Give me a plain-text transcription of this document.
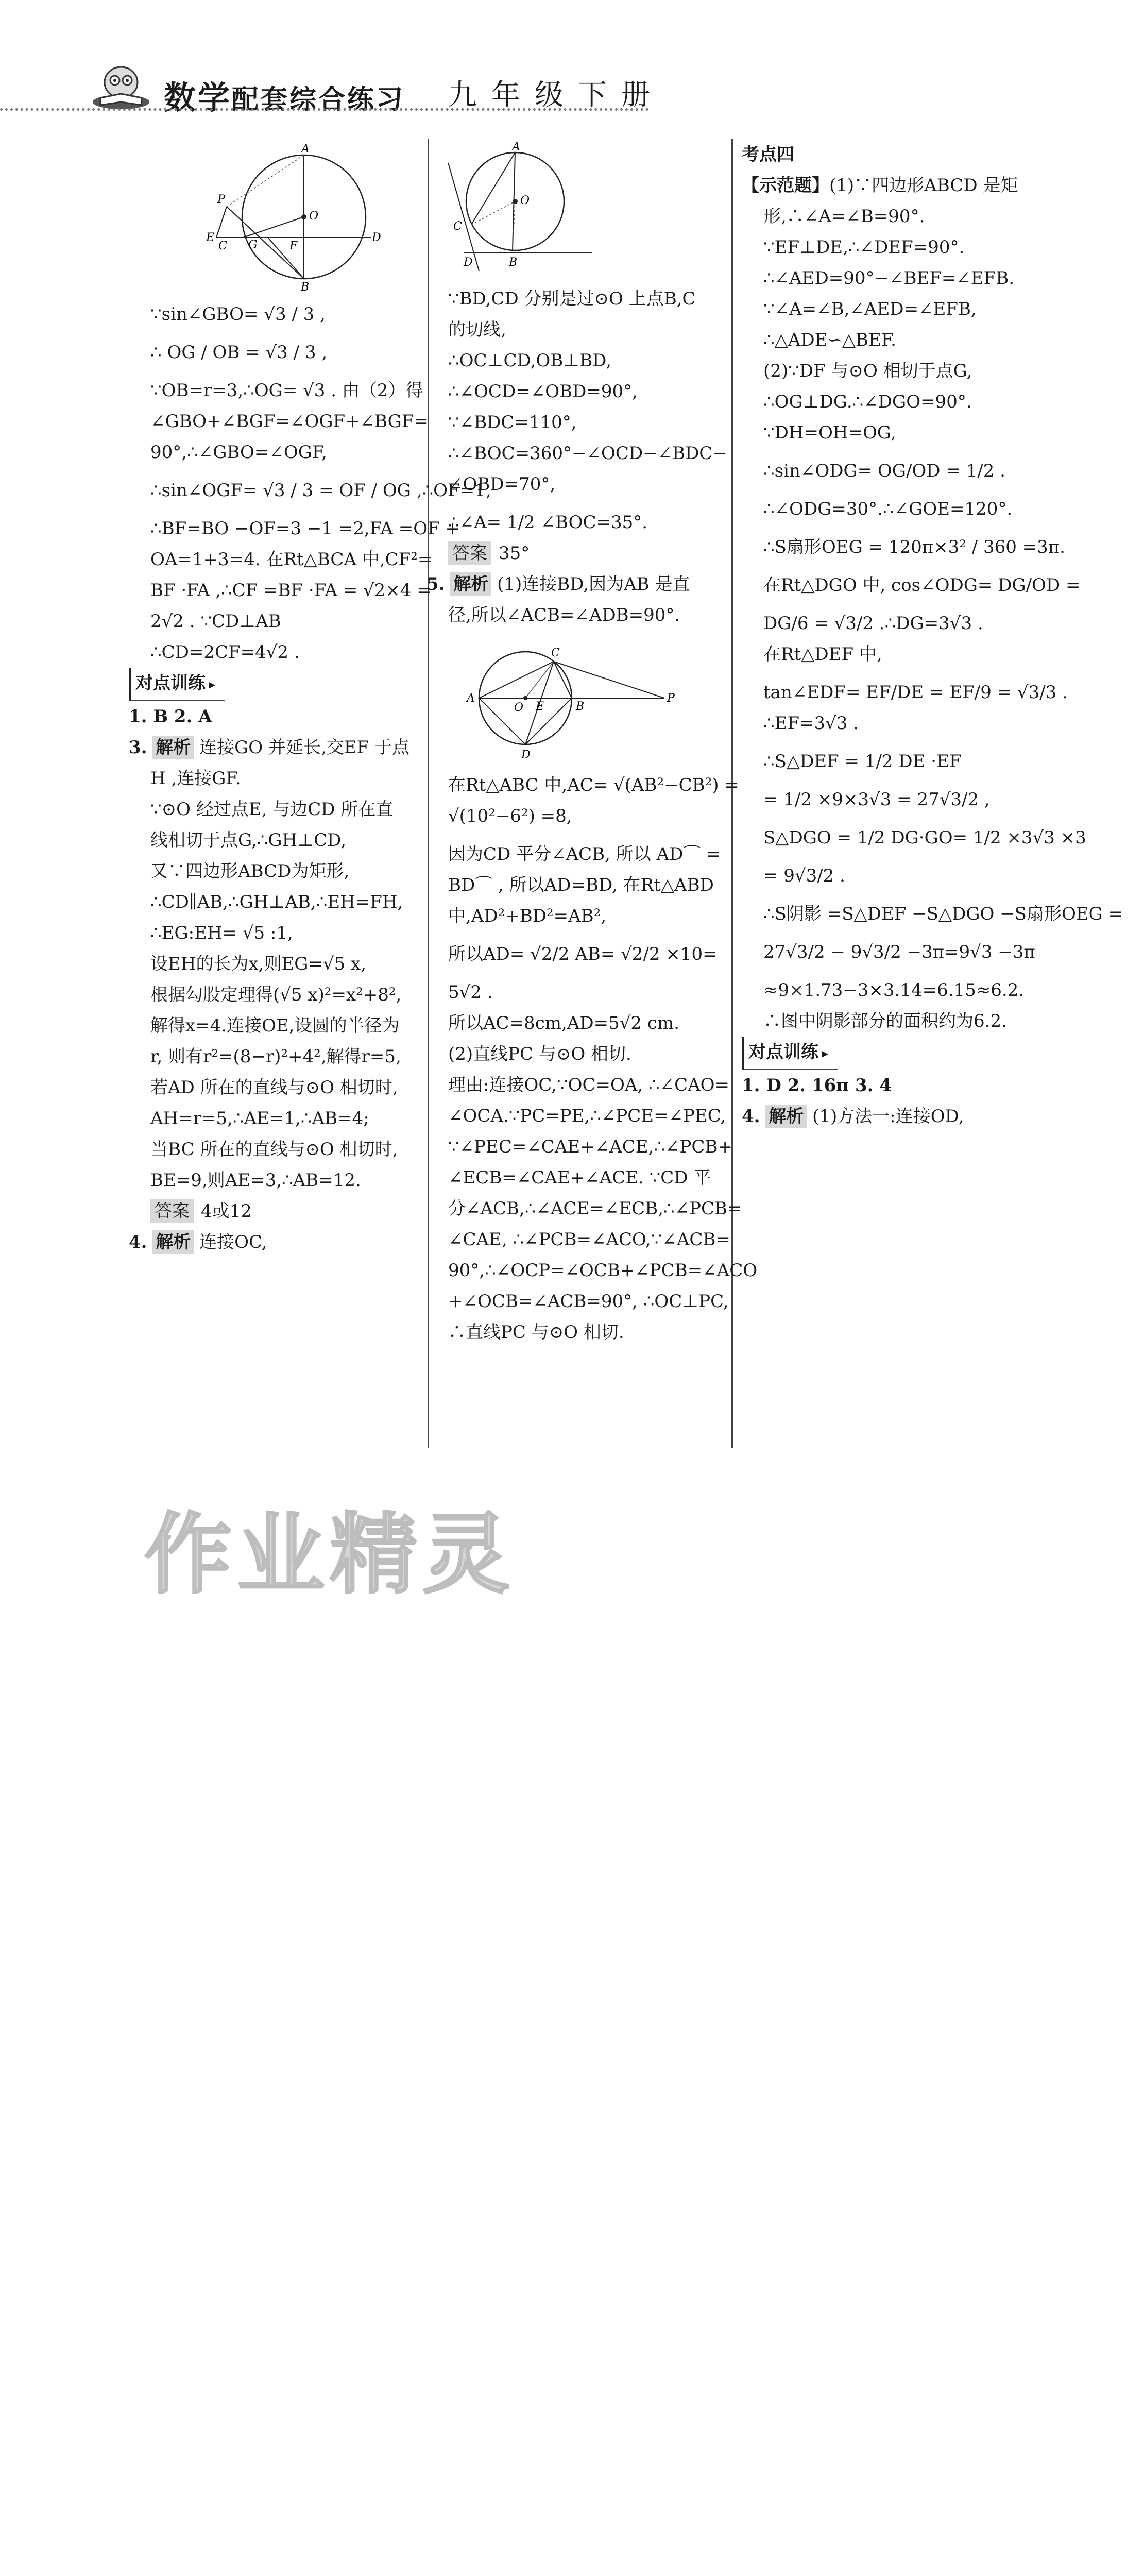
数学配套综合练习 九年级下册
A
P
O
E
C G	F
D
B
∵sin∠GBO= √3 / 3 ,
∴ OG / OB = √3 / 3 ,
∵OB=r=3,∴OG= √3 . 由（2）得
∠GBO+∠BGF=∠OGF+∠BGF=
90°,∴∠GBO=∠OGF,
∴sin∠OGF= √3 / 3 = OF / OG ,∴OF=1,
∴BF=BO −OF=3 −1 =2,FA =OF +
OA=1+3=4. 在Rt△BCA 中,CF²=
BF ·FA ,∴CF =BF ·FA = √2×4 =
2√2 . ∵CD⊥AB
∴CD=2CF=4√2 .
对点训练 ▸
1. B 2. A
3. 解析 连接GO 并延长,交EF 于点
H ,连接GF.
∵⊙O 经过点E, 与边CD 所在直
线相切于点G,∴GH⊥CD,
又∵四边形ABCD为矩形,
∴CD∥AB,∴GH⊥AB,∴EH=FH,
∴EG:EH= √5 :1,
设EH的长为x,则EG=√5 x,
根据勾股定理得(√5 x)²=x²+8²,
解得x=4.连接OE,设圆的半径为
r, 则有r²=(8−r)²+4²,解得r=5,
若AD 所在的直线与⊙O 相切时,
AH=r=5,∴AE=1,∴AB=4;
当BC 所在的直线与⊙O 相切时,
BE=9,则AE=3,∴AB=12.
答案 4或12
4. 解析 连接OC,
A
O
C
D	B
∵BD,CD 分别是过⊙O 上点B,C
的切线,
∴OC⊥CD,OB⊥BD,
∴∠OCD=∠OBD=90°,
∵∠BDC=110°,
∴∠BOC=360°−∠OCD−∠BDC−
∠OBD=70°,
∴∠A= 1/2 ∠BOC=35°.
答案 35°
5. 解析 (1)连接BD,因为AB 是直
径,所以∠ACB=∠ADB=90°.
C
A
O E	B
P
D
在Rt△ABC 中,AC= √(AB²−CB²) =
√(10²−6²) =8,
因为CD 平分∠ACB, 所以 AD⌒ =
BD⌒ , 所以AD=BD, 在Rt△ABD
中,AD²+BD²=AB²,
所以AD= √2/2 AB= √2/2 ×10=
5√2 .
所以AC=8cm,AD=5√2 cm.
(2)直线PC 与⊙O 相切.
理由:连接OC,∵OC=OA, ∴∠CAO=
∠OCA.∵PC=PE,∴∠PCE=∠PEC,
∵∠PEC=∠CAE+∠ACE,∴∠PCB+
∠ECB=∠CAE+∠ACE. ∵CD 平
分∠ACB,∴∠ACE=∠ECB,∴∠PCB=
∠CAE, ∴∠PCB=∠ACO,∵∠ACB=
90°,∴∠OCP=∠OCB+∠PCB=∠ACO
+∠OCB=∠ACB=90°, ∴OC⊥PC,
∴直线PC 与⊙O 相切.
考点四
【示范题】(1)∵四边形ABCD 是矩
形,∴∠A=∠B=90°.
∵EF⊥DE,∴∠DEF=90°.
∴∠AED=90°−∠BEF=∠EFB.
∵∠A=∠B,∠AED=∠EFB,
∴△ADE∽△BEF.
(2)∵DF 与⊙O 相切于点G,
∴OG⊥DG.∴∠DGO=90°.
∵DH=OH=OG,
∴sin∠ODG= OG/OD = 1/2 .
∴∠ODG=30°.∴∠GOE=120°.
∴S扇形OEG = 120π×3² / 360 =3π.
在Rt△DGO 中, cos∠ODG= DG/OD =
DG/6 = √3/2 .∴DG=3√3 .
在Rt△DEF 中,
tan∠EDF= EF/DE = EF/9 = √3/3 .
∴EF=3√3 .
∴S△DEF = 1/2 DE ·EF
= 1/2 ×9×3√3 = 27√3/2 ,
S△DGO = 1/2 DG·GO= 1/2 ×3√3 ×3
= 9√3/2 .
∴S阴影 =S△DEF −S△DGO −S扇形OEG =
27√3/2 − 9√3/2 −3π=9√3 −3π
≈9×1.73−3×3.14=6.15≈6.2.
∴图中阴影部分的面积约为6.2.
对点训练 ▸
1. D 2. 16π 3. 4
4. 解析 (1)方法一:连接OD,
作业精灵
